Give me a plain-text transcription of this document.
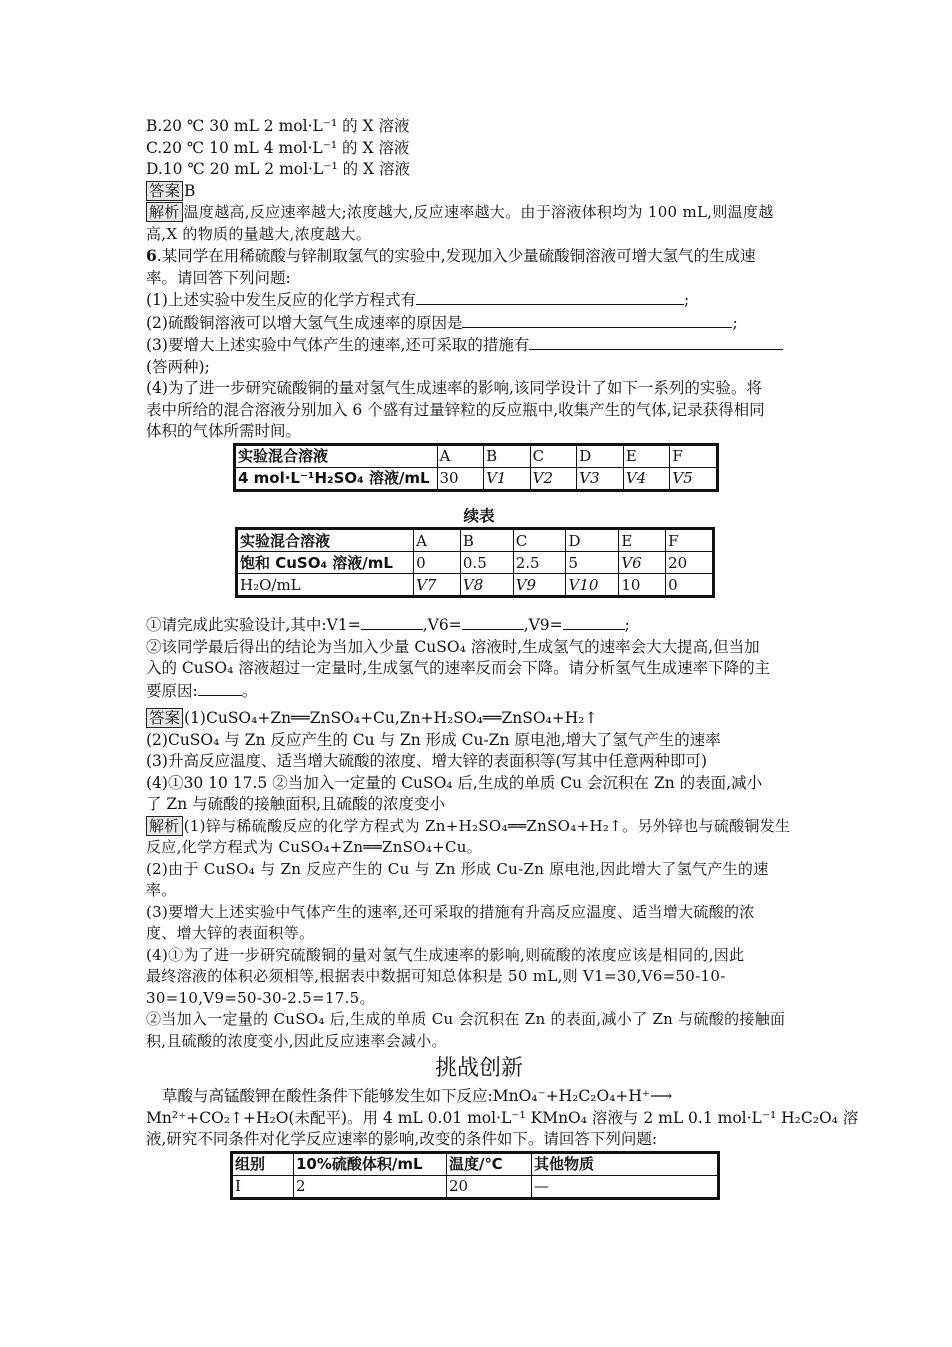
B.20 ℃ 30 mL 2 mol·L⁻¹ 的 X 溶液
C.20 ℃ 10 mL 4 mol·L⁻¹ 的 X 溶液
D.10 ℃ 20 mL 2 mol·L⁻¹ 的 X 溶液
答案 B
解析 温度越高,反应速率越大;浓度越大,反应速率越大。由于溶液体积均为 100 mL,则温度越
高,X 的物质的量越大,浓度越大。
6.某同学在用稀硫酸与锌制取氢气的实验中,发现加入少量硫酸铜溶液可增大氢气的生成速
率。请回答下列问题:
(1)上述实验中发生反应的化学方程式有	;
(2)硫酸铜溶液可以增大氢气生成速率的原因是	;
(3)要增大上述实验中气体产生的速率,还可采取的措施有
(答两种);
(4)为了进一步研究硫酸铜的量对氢气生成速率的影响,该同学设计了如下一系列的实验。将
表中所给的混合溶液分别加入 6 个盛有过量锌粒的反应瓶中,收集产生的气体,记录获得相同
体积的气体所需时间。
实验混合溶液	A	B	C	D	E	F
4 mol·L⁻¹H₂SO₄ 溶液/mL	30	V1	V2	V3	V4	V5
续表
实验混合溶液	A	B	C	D	E	F
饱和 CuSO₄ 溶液/mL	0	0.5	2.5	5	V6	20
H₂O/mL	V7	V8	V9	V10	10	0
①请完成此实验设计,其中:V1=	,V6=	,V9=	;
②该同学最后得出的结论为当加入少量 CuSO₄ 溶液时,生成氢气的速率会大大提高,但当加
入的 CuSO₄ 溶液超过一定量时,生成氢气的速率反而会下降。请分析氢气生成速率下降的主
要原因:	。
答案 (1)CuSO₄+Zn══ZnSO₄+Cu,Zn+H₂SO₄══ZnSO₄+H₂↑
(2)CuSO₄ 与 Zn 反应产生的 Cu 与 Zn 形成 Cu-Zn 原电池,增大了氢气产生的速率
(3)升高反应温度、适当增大硫酸的浓度、增大锌的表面积等(写其中任意两种即可)
(4)①30 10 17.5 ②当加入一定量的 CuSO₄ 后,生成的单质 Cu 会沉积在 Zn 的表面,减小
了 Zn 与硫酸的接触面积,且硫酸的浓度变小
解析 (1)锌与稀硫酸反应的化学方程式为 Zn+H₂SO₄══ZnSO₄+H₂↑。另外锌也与硫酸铜发生
反应,化学方程式为 CuSO₄+Zn══ZnSO₄+Cu。
(2)由于 CuSO₄ 与 Zn 反应产生的 Cu 与 Zn 形成 Cu-Zn 原电池,因此增大了氢气产生的速
率。
(3)要增大上述实验中气体产生的速率,还可采取的措施有升高反应温度、适当增大硫酸的浓
度、增大锌的表面积等。
(4)①为了进一步研究硫酸铜的量对氢气生成速率的影响,则硫酸的浓度应该是相同的,因此
最终溶液的体积必须相等,根据表中数据可知总体积是 50 mL,则 V1=30,V6=50-10-
30=10,V9=50-30-2.5=17.5。
②当加入一定量的 CuSO₄ 后,生成的单质 Cu 会沉积在 Zn 的表面,减小了 Zn 与硫酸的接触面
积,且硫酸的浓度变小,因此反应速率会减小。
挑战创新
草酸与高锰酸钾在酸性条件下能够发生如下反应:MnO₄⁻+H₂C₂O₄+H⁺⟶
Mn²⁺+CO₂↑+H₂O(未配平)。用 4 mL 0.01 mol·L⁻¹ KMnO₄ 溶液与 2 mL 0.1 mol·L⁻¹ H₂C₂O₄ 溶
液,研究不同条件对化学反应速率的影响,改变的条件如下。请回答下列问题:
组别	10%硫酸体积/mL	温度/℃	其他物质
Ⅰ	2	20	—
